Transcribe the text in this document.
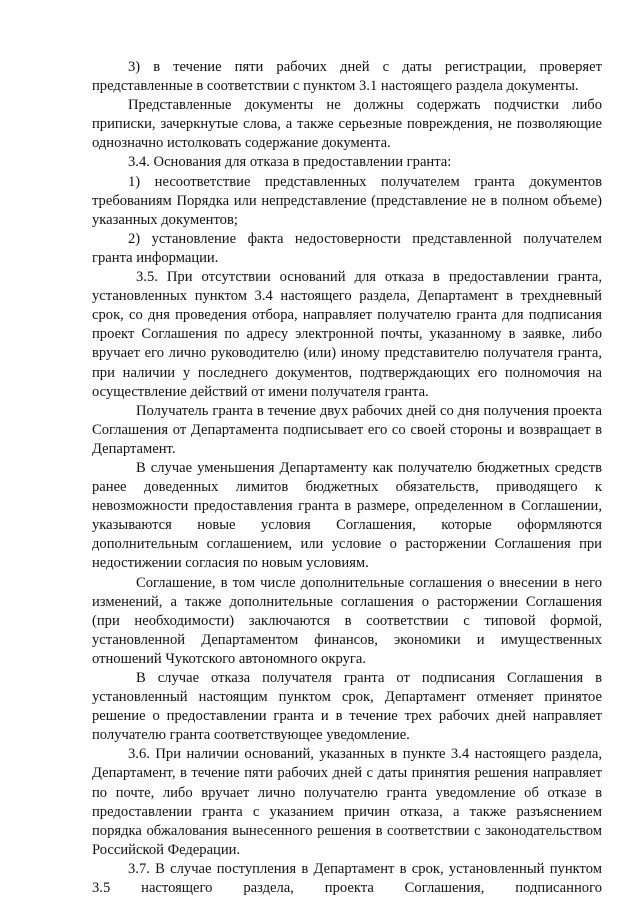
3) в течение пяти рабочих дней с даты регистрации, проверяет представленные в соответствии с пунктом 3.1 настоящего раздела документы.

Представленные документы не должны содержать подчистки либо приписки, зачеркнутые слова, а также серьезные повреждения, не позволяющие однозначно истолковать содержание документа.

3.4. Основания для отказа в предоставлении гранта:

1) несоответствие представленных получателем гранта документов требованиям Порядка или непредставление (представление не в полном объеме) указанных документов;

2) установление факта недостоверности представленной получателем гранта информации.

3.5. При отсутствии оснований для отказа в предоставлении гранта, установленных пунктом 3.4 настоящего раздела, Департамент в трехдневный срок, со дня проведения отбора, направляет получателю гранта для подписания проект Соглашения по адресу электронной почты, указанному в заявке, либо вручает его лично руководителю (или) иному представителю получателя гранта, при наличии у последнего документов, подтверждающих его полномочия на осуществление действий от имени получателя гранта.

Получатель гранта в течение двух рабочих дней со дня получения проекта Соглашения от Департамента подписывает его со своей стороны и возвращает в Департамент.

В случае уменьшения Департаменту как получателю бюджетных средств ранее доведенных лимитов бюджетных обязательств, приводящего к невозможности предоставления гранта в размере, определенном в Соглашении, указываются новые условия Соглашения, которые оформляются дополнительным соглашением, или условие о расторжении Соглашения при недостижении согласия по новым условиям.

Соглашение, в том числе дополнительные соглашения о внесении в него изменений, а также дополнительные соглашения о расторжении Соглашения (при необходимости) заключаются в соответствии с типовой формой, установленной Департаментом финансов, экономики и имущественных отношений Чукотского автономного округа.

В случае отказа получателя гранта от подписания Соглашения в установленный настоящим пунктом срок, Департамент отменяет принятое решение о предоставлении гранта и в течение трех рабочих дней направляет получателю гранта соответствующее уведомление.

3.6. При наличии оснований, указанных в пункте 3.4 настоящего раздела, Департамент, в течение пяти рабочих дней с даты принятия решения направляет по почте, либо вручает лично получателю гранта уведомление об отказе в предоставлении гранта с указанием причин отказа, а также разъяснением порядка обжалования вынесенного решения в соответствии с законодательством Российской Федерации.

3.7. В случае поступления в Департамент в срок, установленный пунктом 3.5 настоящего раздела, проекта Соглашения, подписанного
